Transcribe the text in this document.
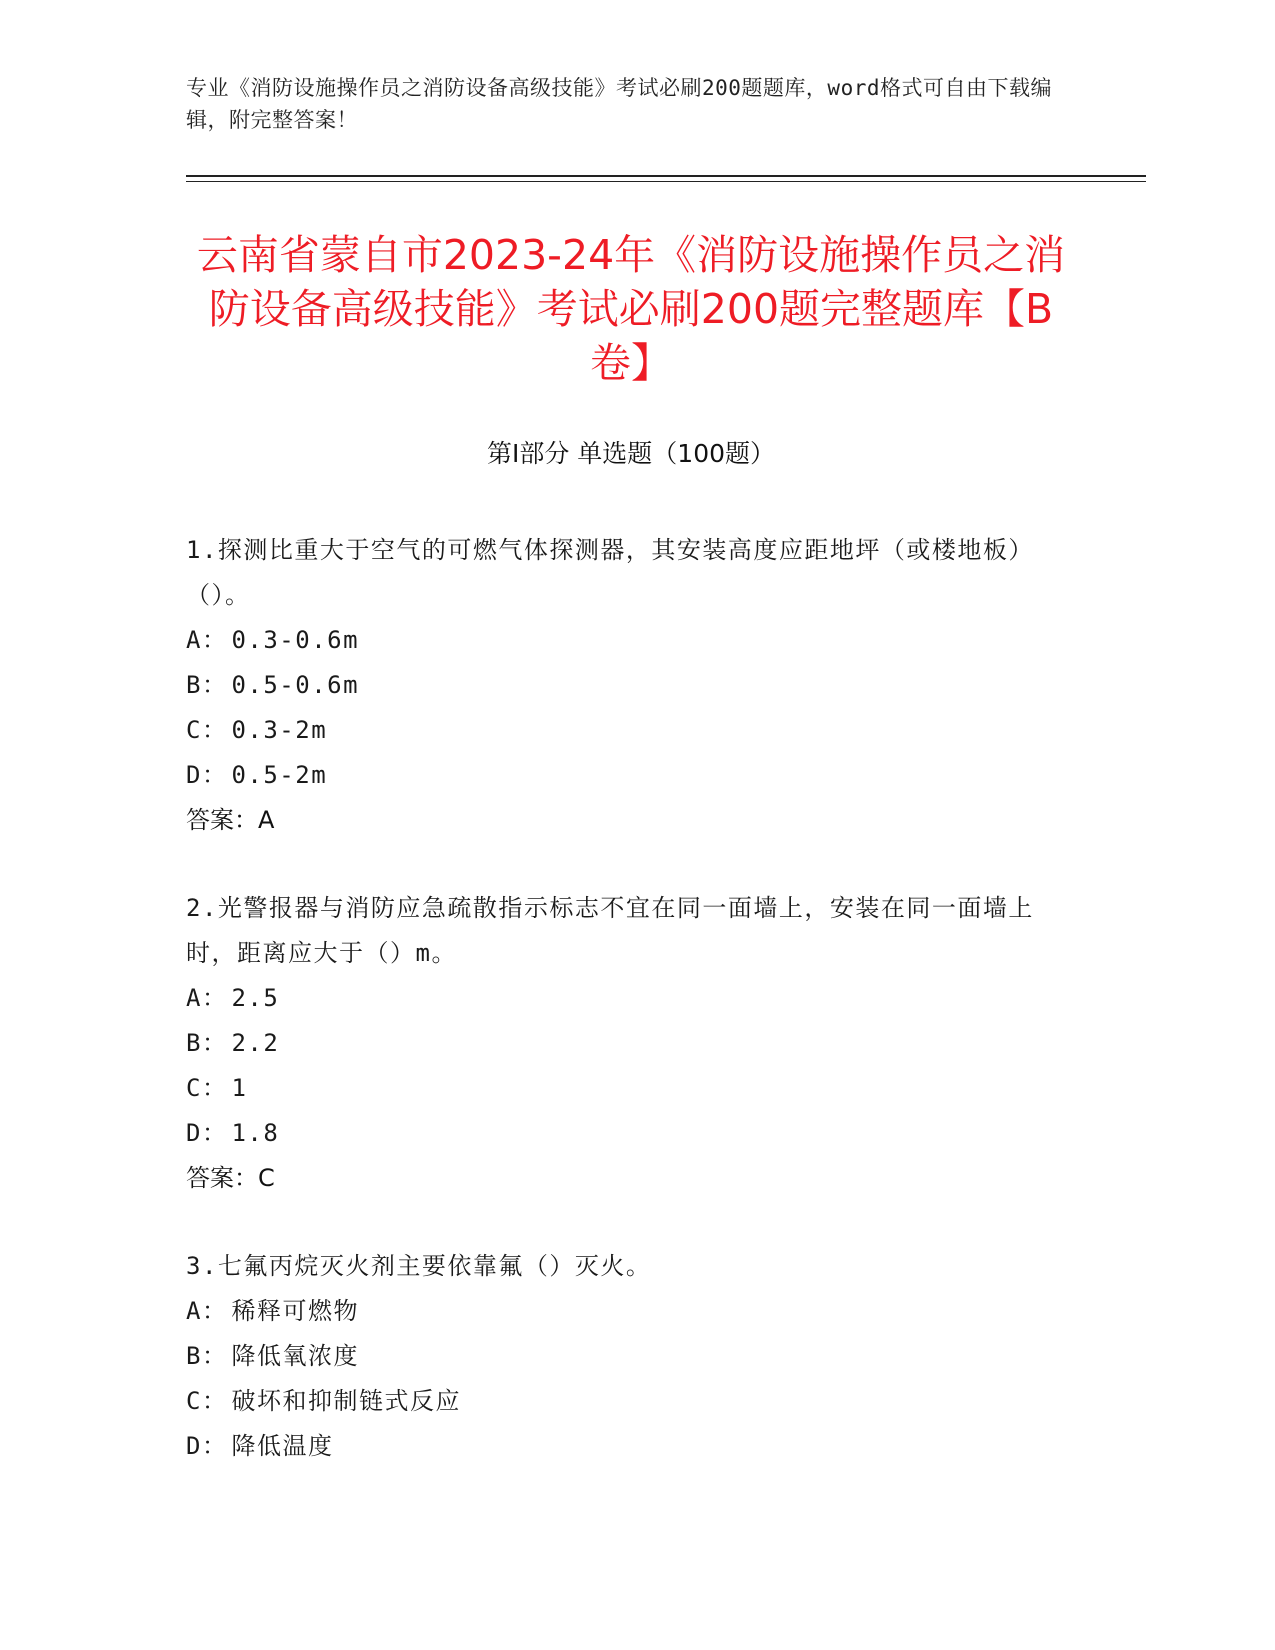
专业《消防设施操作员之消防设备高级技能》考试必刷200题题库，word格式可自由下载编辑，附完整答案！
云南省蒙自市2023-24年《消防设施操作员之消防设备高级技能》考试必刷200题完整题库【B卷】
第Ⅰ部分 单选题（100题）
1.探测比重大于空气的可燃气体探测器，其安装高度应距地坪（或楼地板）（）。
A： 0.3-0.6m
B： 0.5-0.6m
C： 0.3-2m
D： 0.5-2m
答案：A
2.光警报器与消防应急疏散指示标志不宜在同一面墙上，安装在同一面墙上时，距离应大于（）m。
A： 2.5
B： 2.2
C： 1
D： 1.8
答案：C
3.七氟丙烷灭火剂主要依靠氟（）灭火。
A： 稀释可燃物
B： 降低氧浓度
C： 破坏和抑制链式反应
D： 降低温度
